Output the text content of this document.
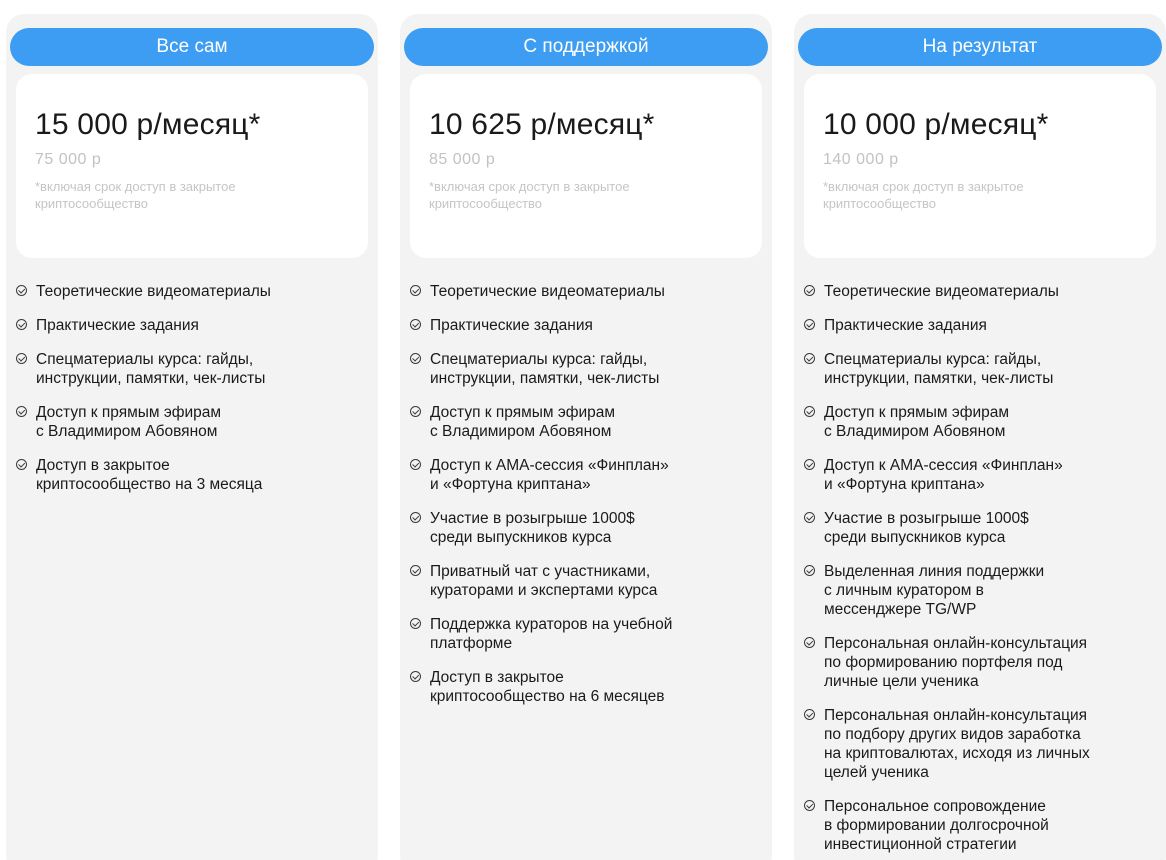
Все сам
15 000 р/месяц*
75 000 р
*включая срок доступ в закрытое криптосообщество
Теоретические видеоматериалы
Практические задания
Спецматериалы курса: гайды,
инструкции, памятки, чек-листы
Доступ к прямым эфирам
с Владимиром Абовяном
Доступ в закрытое
криптосообщество на 3 месяца
С поддержкой
10 625 р/месяц*
85 000 р
*включая срок доступ в закрытое криптосообщество
Теоретические видеоматериалы
Практические задания
Спецматериалы курса: гайды,
инструкции, памятки, чек-листы
Доступ к прямым эфирам
с Владимиром Абовяном
Доступ к AMA-сессия «Финплан»
и «Фортуна криптана»
Участие в розыгрыше 1000$
среди выпускников курса
Приватный чат с участниками,
кураторами и экспертами курса
Поддержка кураторов на учебной
платформе
Доступ в закрытое
криптосообщество на 6 месяцев
На результат
10 000 р/месяц*
140 000 р
*включая срок доступ в закрытое криптосообщество
Теоретические видеоматериалы
Практические задания
Спецматериалы курса: гайды,
инструкции, памятки, чек-листы
Доступ к прямым эфирам
с Владимиром Абовяном
Доступ к AMA-сессия «Финплан»
и «Фортуна криптана»
Участие в розыгрыше 1000$
среди выпускников курса
Выделенная линия поддержки
с личным куратором в
мессенджере TG/WP
Персональная онлайн-консультация
по формированию портфеля под
личные цели ученика
Персональная онлайн-консультация
по подбору других видов заработка
на криптовалютах, исходя из личных
целей ученика
Персональное сопровождение
в формировании долгосрочной
инвестиционной стратегии
